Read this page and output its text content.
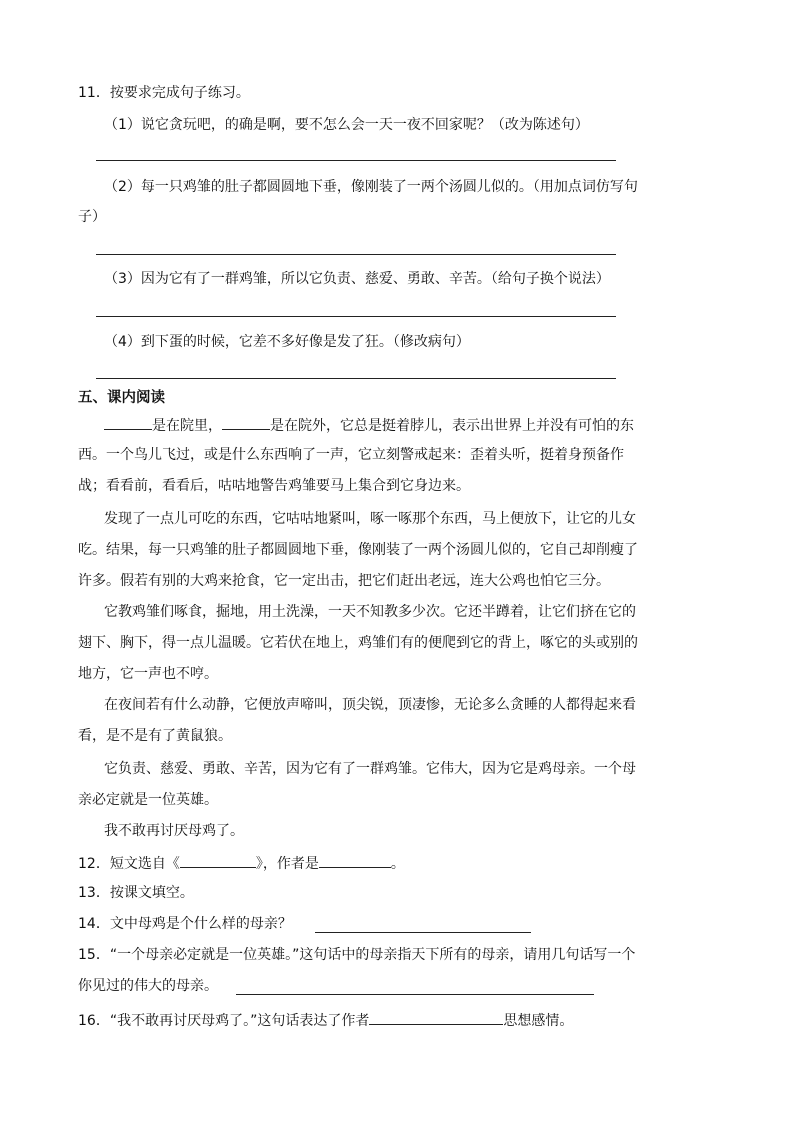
11．按要求完成句子练习。
（1）说它贪玩吧，的确是啊，要不怎么会一天一夜不回家呢？（改为陈述句）
（2）每一只鸡雏的肚子都圆圆地下垂，像刚装了一两个汤圆儿似的。（用加点词仿写句
子）
（3）因为它有了一群鸡雏，所以它负责、慈爱、勇敢、辛苦。（给句子换个说法）
（4）到下蛋的时候，它差不多好像是发了狂。（修改病句）
五、课内阅读
是在院里，	是在院外，它总是挺着脖儿，表示出世界上并没有可怕的东
西。一个鸟儿飞过，或是什么东西响了一声，它立刻警戒起来：歪着头听，挺着身预备作
战；看看前，看看后，咕咕地警告鸡雏要马上集合到它身边来。
发现了一点儿可吃的东西，它咕咕地紧叫，啄一啄那个东西，马上便放下，让它的儿女
吃。结果，每一只鸡雏的肚子都圆圆地下垂，像刚装了一两个汤圆儿似的，它自己却削瘦了
许多。假若有别的大鸡来抢食，它一定出击，把它们赶出老远，连大公鸡也怕它三分。
它教鸡雏们啄食，掘地，用土洗澡，一天不知教多少次。它还半蹲着，让它们挤在它的
翅下、胸下，得一点儿温暖。它若伏在地上，鸡雏们有的便爬到它的背上，啄它的头或别的
地方，它一声也不哼。
在夜间若有什么动静，它便放声啼叫，顶尖锐，顶凄惨，无论多么贪睡的人都得起来看
看，是不是有了黄鼠狼。
它负责、慈爱、勇敢、辛苦，因为它有了一群鸡雏。它伟大，因为它是鸡母亲。一个母
亲必定就是一位英雄。
我不敢再讨厌母鸡了。
12．短文选自《	》，作者是	。
13．按课文填空。
14．文中母鸡是个什么样的母亲？
15．“一个母亲必定就是一位英雄。”这句话中的母亲指天下所有的母亲，请用几句话写一个
你见过的伟大的母亲。
16．“我不敢再讨厌母鸡了。”这句话表达了作者	思想感情。
